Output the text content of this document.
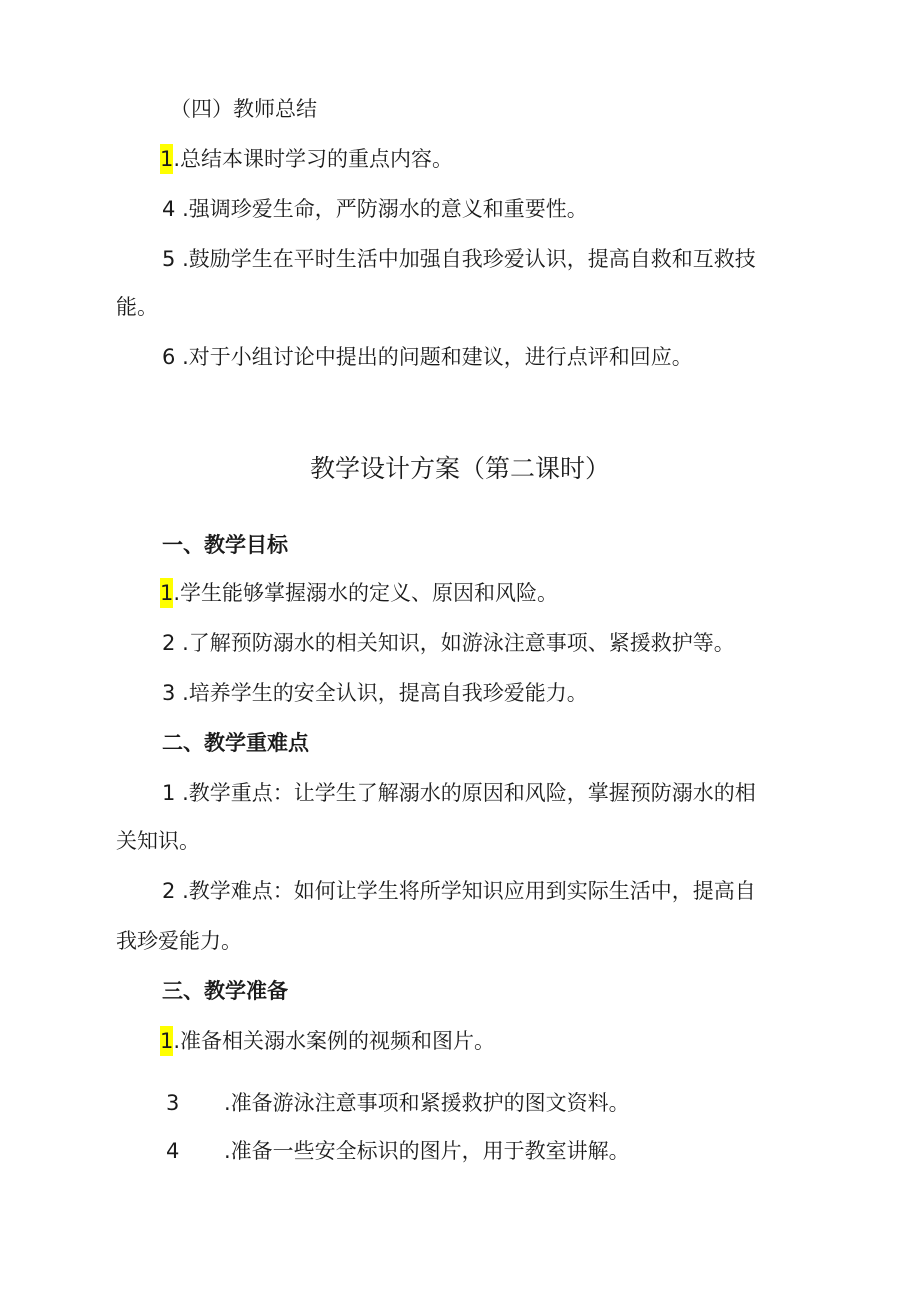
（四）教师总结
1.总结本课时学习的重点内容。
4 .强调珍爱生命，严防溺水的意义和重要性。
5 .鼓励学生在平时生活中加强自我珍爱认识，提高自救和互救技
能。
6 .对于小组讨论中提出的问题和建议，进行点评和回应。
教学设计方案（第二课时）
一、教学目标
1.学生能够掌握溺水的定义、原因和风险。
2 .了解预防溺水的相关知识，如游泳注意事项、紧援救护等。
3 .培养学生的安全认识，提高自我珍爱能力。
二、教学重难点
1 .教学重点：让学生了解溺水的原因和风险，掌握预防溺水的相
关知识。
2 .教学难点：如何让学生将所学知识应用到实际生活中，提高自
我珍爱能力。
三、教学准备
1.准备相关溺水案例的视频和图片。
3 .准备游泳注意事项和紧援救护的图文资料。
4 .准备一些安全标识的图片，用于教室讲解。
